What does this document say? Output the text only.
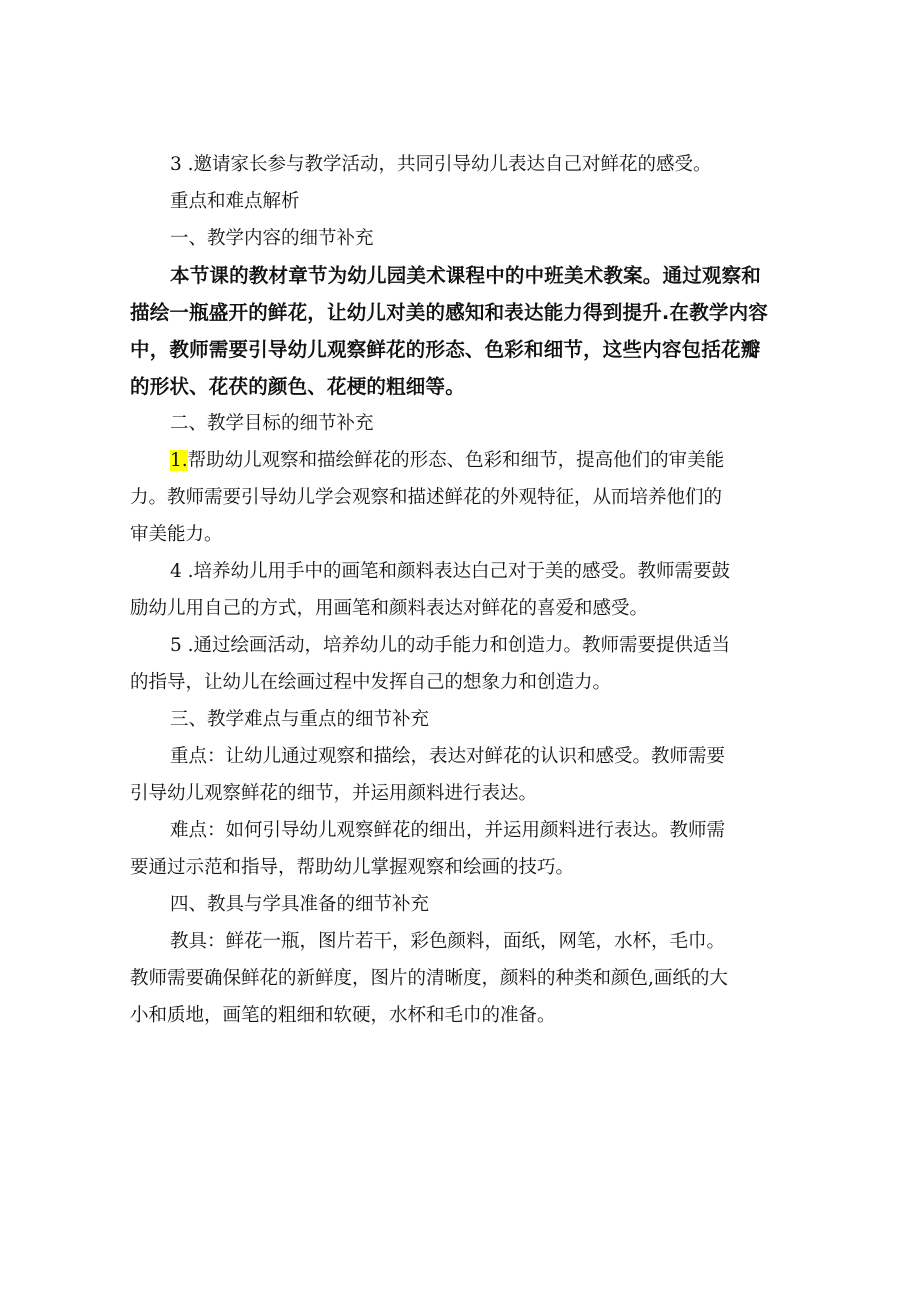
3 .邀请家长参与教学活动，共同引导幼儿表达自己对鲜花的感受。
重点和难点解析
一、教学内容的细节补充
本节课的教材章节为幼儿园美术课程中的中班美术教案。通过观察和
描绘一瓶盛开的鲜花，让幼儿对美的感知和表达能力得到提升.在教学内容
中，教师需要引导幼儿观察鲜花的形态、色彩和细节，这些内容包括花瓣
的形状、花茯的颜色、花梗的粗细等。
二、教学目标的细节补充
1.帮助幼儿观察和描绘鲜花的形态、色彩和细节，提高他们的审美能
力。教师需要引导幼儿学会观察和描述鲜花的外观特征，从而培养他们的
审美能力。
4 .培养幼儿用手中的画笔和颜料表达白己对于美的感受。教师需要鼓
励幼儿用自己的方式，用画笔和颜料表达对鲜花的喜爱和感受。
5 .通过绘画活动，培养幼儿的动手能力和创造力。教师需要提供适当
的指导，让幼儿在绘画过程中发挥自己的想象力和创造力。
三、教学难点与重点的细节补充
重点：让幼儿通过观察和描绘，表达对鲜花的认识和感受。教师需要
引导幼儿观察鲜花的细节，并运用颜料进行表达。
难点：如何引导幼儿观察鲜花的细出，并运用颜料进行表达。教师需
要通过示范和指导，帮助幼儿掌握观察和绘画的技巧。
四、教具与学具准备的细节补充
教具：鲜花一瓶，图片若干，彩色颜料，面纸，网笔，水杯，毛巾。
教师需要确保鲜花的新鲜度，图片的清晰度，颜料的种类和颜色,画纸的大
小和质地，画笔的粗细和软硬，水杯和毛巾的准备。
